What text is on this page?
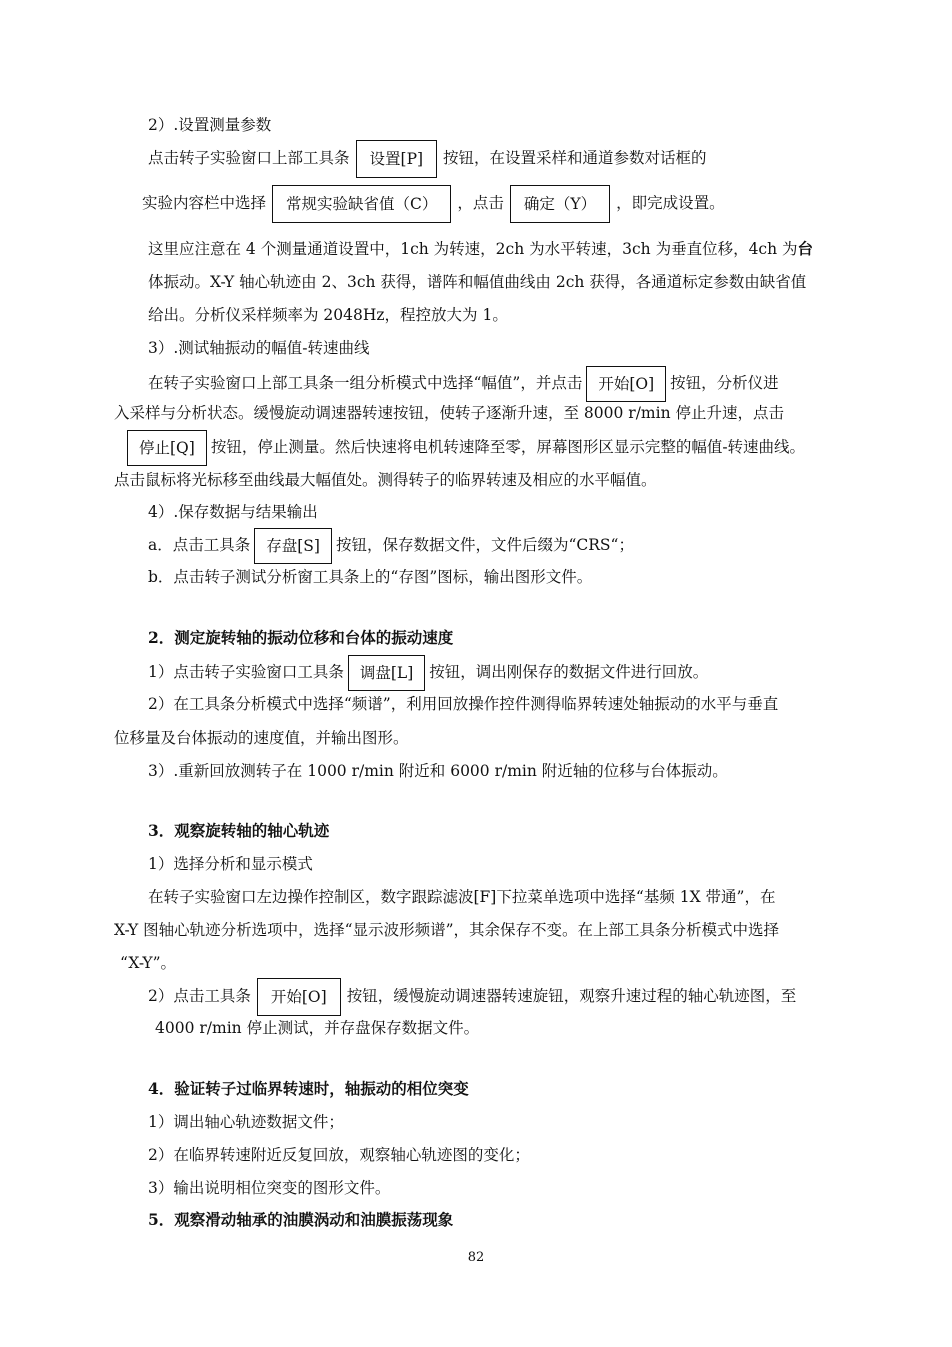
2）.设置测量参数
点击转子实验窗口上部工具条 设置[P] 按钮，在设置采样和通道参数对话框的
实验内容栏中选择 常规实验缺省值（C） ，点击 确定（Y） ，即完成设置。
这里应注意在 4 个测量通道设置中，1ch 为转速，2ch 为水平转速，3ch 为垂直位移，4ch 为台
体振动。X-Y 轴心轨迹由 2、3ch 获得，谱阵和幅值曲线由 2ch 获得，各通道标定参数由缺省值
给出。分析仪采样频率为 2048Hz，程控放大为 1。
3）.测试轴振动的幅值-转速曲线
在转子实验窗口上部工具条一组分析模式中选择“幅值”，并点击 开始[O] 按钮，分析仪进
入采样与分析状态。缓慢旋动调速器转速按钮，使转子逐渐升速，至 8000 r/min 停止升速，点击
停止[Q] 按钮，停止测量。然后快速将电机转速降至零，屏幕图形区显示完整的幅值-转速曲线。
点击鼠标将光标移至曲线最大幅值处。测得转子的临界转速及相应的水平幅值。
4）.保存数据与结果输出
a．点击工具条 存盘[S] 按钮，保存数据文件，文件后缀为“CRS“；
b．点击转子测试分析窗工具条上的“存图”图标，输出图形文件。
2．测定旋转轴的振动位移和台体的振动速度
1）点击转子实验窗口工具条 调盘[L] 按钮，调出刚保存的数据文件进行回放。
2）在工具条分析模式中选择“频谱”，利用回放操作控件测得临界转速处轴振动的水平与垂直
位移量及台体振动的速度值，并输出图形。
3）.重新回放测转子在 1000 r/min 附近和 6000 r/min 附近轴的位移与台体振动。
3．观察旋转轴的轴心轨迹
1）选择分析和显示模式
在转子实验窗口左边操作控制区，数字跟踪滤波[F]下拉菜单选项中选择“基频 1X 带通”，在
X-Y 图轴心轨迹分析选项中，选择“显示波形频谱”，其余保存不变。在上部工具条分析模式中选择
“X-Y”。
2）点击工具条 开始[O] 按钮，缓慢旋动调速器转速旋钮，观察升速过程的轴心轨迹图，至
4000 r/min 停止测试，并存盘保存数据文件。
4．验证转子过临界转速时，轴振动的相位突变
1）调出轴心轨迹数据文件；
2）在临界转速附近反复回放，观察轴心轨迹图的变化；
3）输出说明相位突变的图形文件。
5．观察滑动轴承的油膜涡动和油膜振荡现象
82
